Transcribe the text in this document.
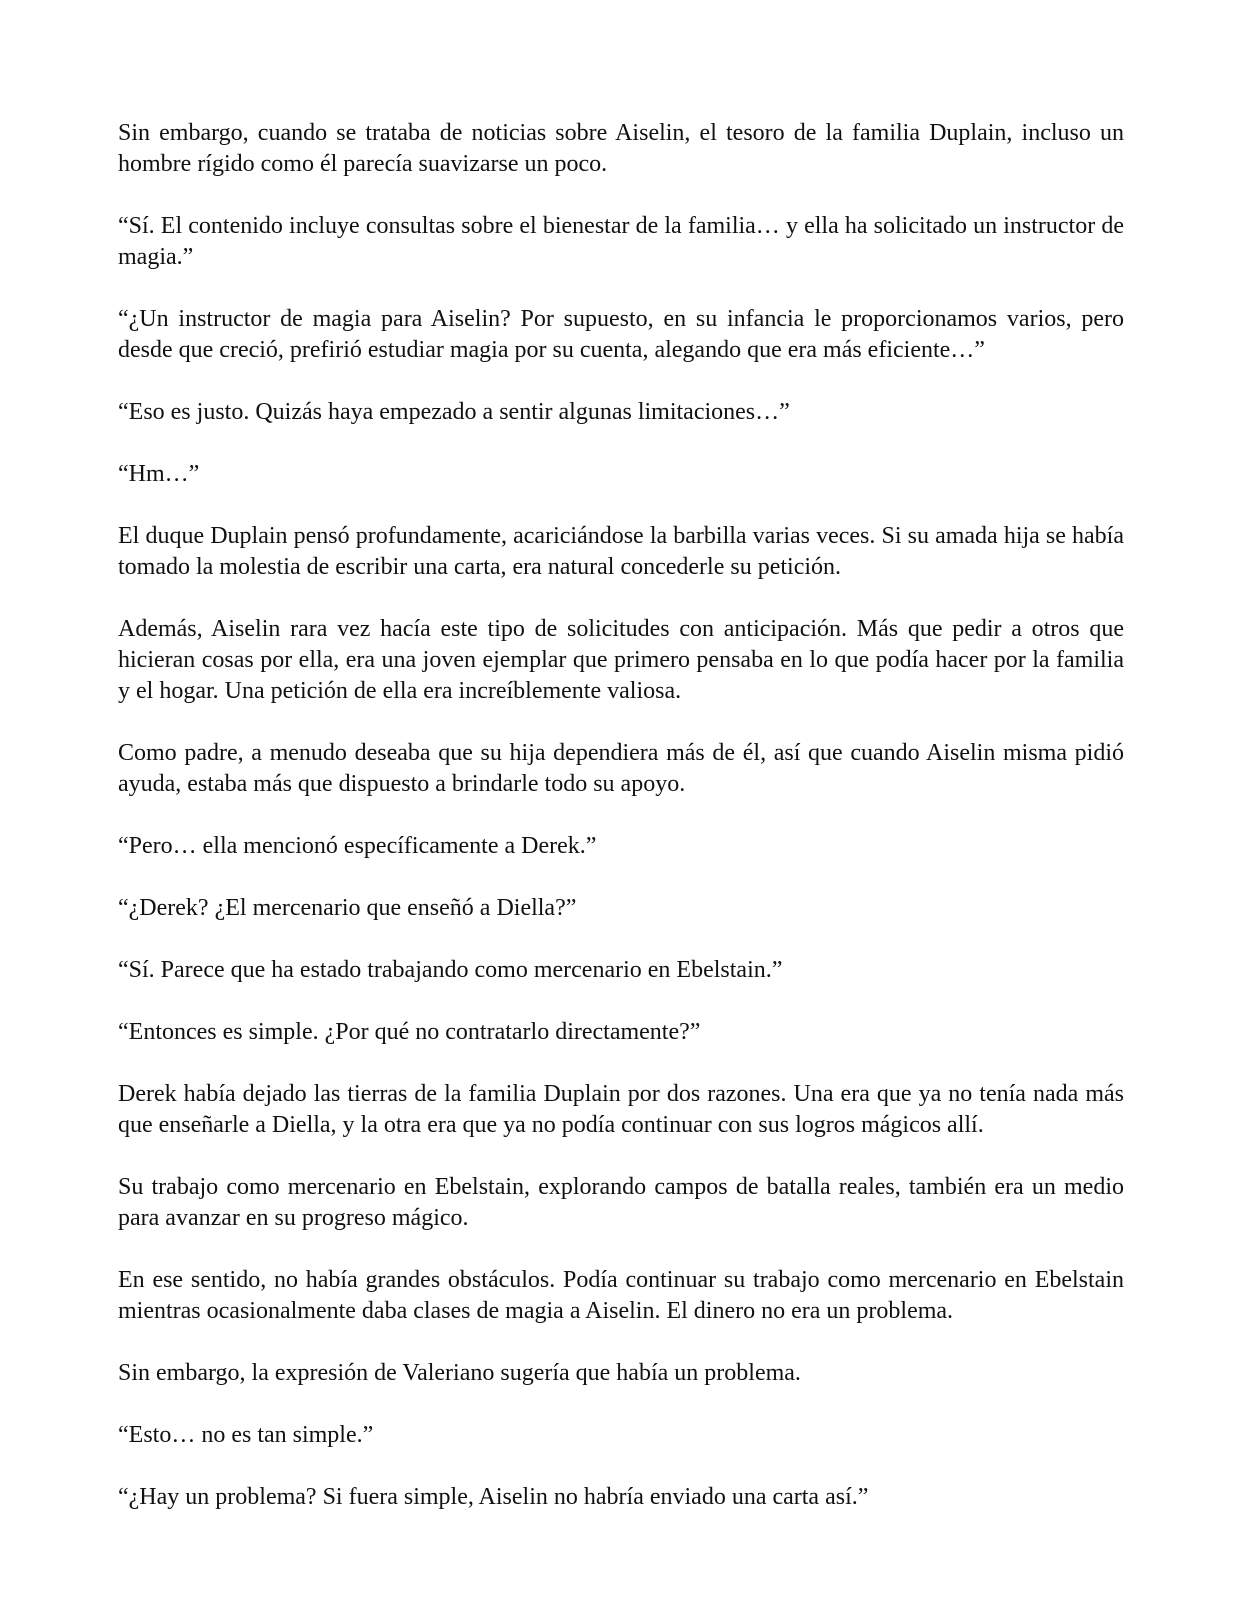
Sin embargo, cuando se trataba de noticias sobre Aiselin, el tesoro de la familia Duplain, incluso un hombre rígido como él parecía suavizarse un poco.

“Sí. El contenido incluye consultas sobre el bienestar de la familia… y ella ha solicitado un instructor de magia.”

“¿Un instructor de magia para Aiselin? Por supuesto, en su infancia le proporcionamos varios, pero desde que creció, prefirió estudiar magia por su cuenta, alegando que era más eficiente…”

“Eso es justo. Quizás haya empezado a sentir algunas limitaciones…”

“Hm…”

El duque Duplain pensó profundamente, acariciándose la barbilla varias veces. Si su amada hija se había tomado la molestia de escribir una carta, era natural concederle su petición.

Además, Aiselin rara vez hacía este tipo de solicitudes con anticipación. Más que pedir a otros que hicieran cosas por ella, era una joven ejemplar que primero pensaba en lo que podía hacer por la familia y el hogar. Una petición de ella era increíblemente valiosa.

Como padre, a menudo deseaba que su hija dependiera más de él, así que cuando Aiselin misma pidió ayuda, estaba más que dispuesto a brindarle todo su apoyo.

“Pero… ella mencionó específicamente a Derek.”

“¿Derek? ¿El mercenario que enseñó a Diella?”

“Sí. Parece que ha estado trabajando como mercenario en Ebelstain.”

“Entonces es simple. ¿Por qué no contratarlo directamente?”

Derek había dejado las tierras de la familia Duplain por dos razones. Una era que ya no tenía nada más que enseñarle a Diella, y la otra era que ya no podía continuar con sus logros mágicos allí.

Su trabajo como mercenario en Ebelstain, explorando campos de batalla reales, también era un medio para avanzar en su progreso mágico.

En ese sentido, no había grandes obstáculos. Podía continuar su trabajo como mercenario en Ebelstain mientras ocasionalmente daba clases de magia a Aiselin. El dinero no era un problema.

Sin embargo, la expresión de Valeriano sugería que había un problema.

“Esto… no es tan simple.”

“¿Hay un problema? Si fuera simple, Aiselin no habría enviado una carta así.”
